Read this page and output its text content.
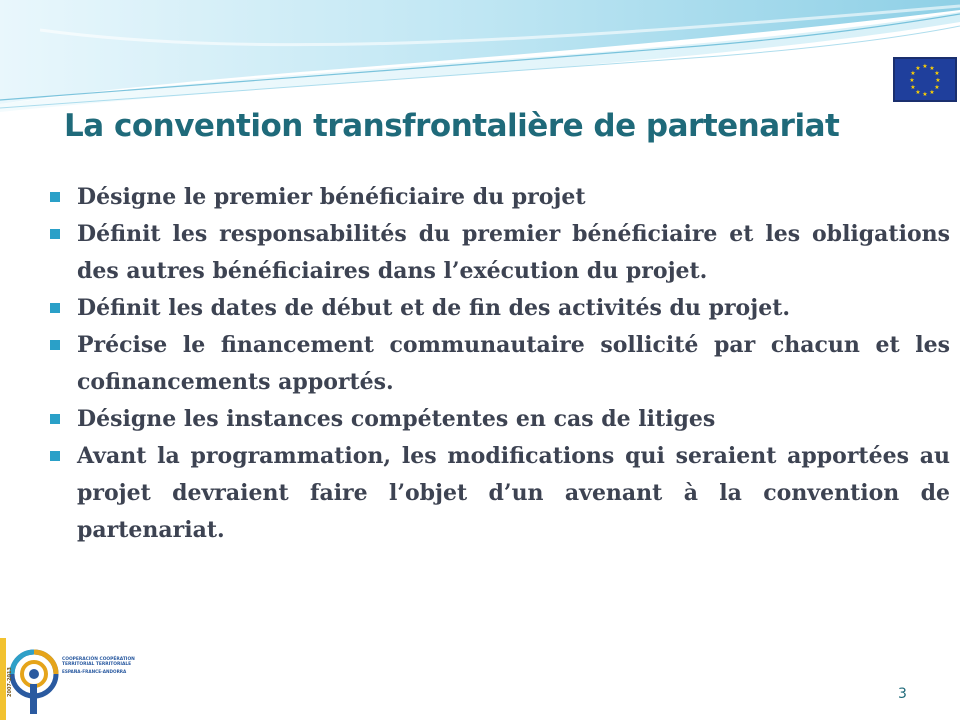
★ ★
★
★
★
★
★
★
★
★
★
★
La convention transfrontalière de partenariat
Désigne le premier bénéficiaire du projet
Définit les responsabilités du premier bénéficiaire et les obligations des autres bénéficiaires dans l’exécution du projet.
Définit les dates de début et de fin des activités du projet.
Précise le financement communautaire sollicité par chacun et les cofinancements apportés.
Désigne les instances compétentes en cas de litiges
Avant la programmation, les modifications qui seraient apportées au projet devraient faire l’objet d’un avenant à la convention de partenariat.
COOPERACIÓN COOPÉRATION
TERRITORIAL TERRITORIALE
ESPAÑA-FRANCE-ANDORRA
2007-2013	3
